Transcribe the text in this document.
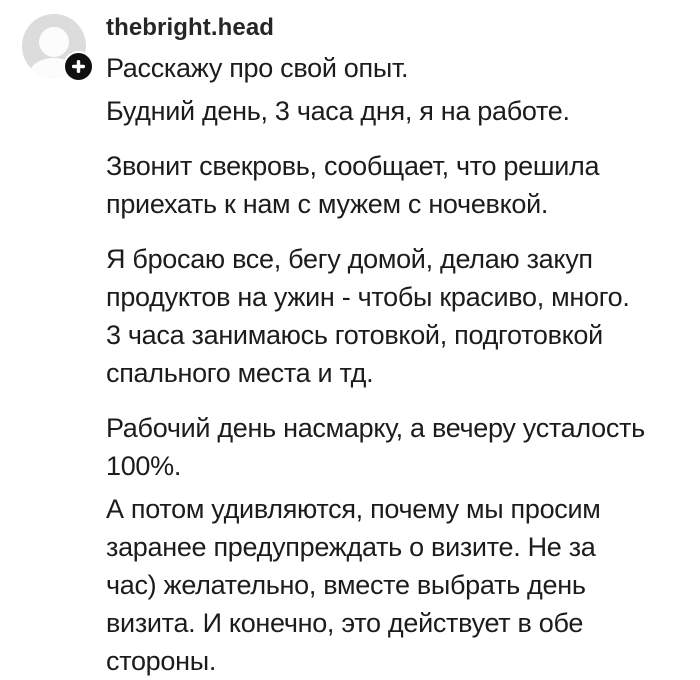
thebright.head
Расскажу про свой опыт.
Будний день, 3 часа дня, я на работе.
Звонит свекровь, сообщает, что решила
приехать к нам с мужем с ночевкой.
Я бросаю все, бегу домой, делаю закуп
продуктов на ужин - чтобы красиво, много.
3 часа занимаюсь готовкой, подготовкой
спального места и тд.
Рабочий день насмарку, а вечеру усталость
100%.
А потом удивляются, почему мы просим
заранее предупреждать о визите. Не за
час) желательно, вместе выбрать день
визита. И конечно, это действует в обе
стороны.
